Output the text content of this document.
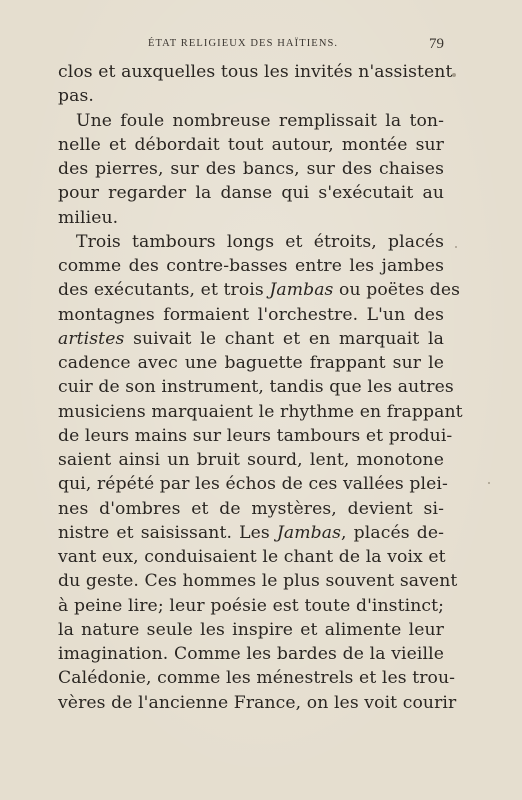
ÉTAT RELIGIEUX DES HAÏTIENS.	79
clos et auxquelles tous les invités n'assistent
pas.
Une foule nombreuse remplissait la ton-
nelle et débordait tout autour, montée sur
des pierres, sur des bancs, sur des chaises
pour regarder la danse qui s'exécutait au
milieu.
Trois tambours longs et étroits, placés
comme des contre-basses entre les jambes
des exécutants, et trois Jambas ou poëtes des
montagnes formaient l'orchestre. L'un des
artistes suivait le chant et en marquait la
cadence avec une baguette frappant sur le
cuir de son instrument, tandis que les autres
musiciens marquaient le rhythme en frappant
de leurs mains sur leurs tambours et produi-
saient ainsi un bruit sourd, lent, monotone
qui, répété par les échos de ces vallées plei-
nes d'ombres et de mystères, devient si-
nistre et saisissant. Les Jambas, placés de-
vant eux, conduisaient le chant de la voix et
du geste. Ces hommes le plus souvent savent
à peine lire; leur poésie est toute d'instinct;
la nature seule les inspire et alimente leur
imagination. Comme les bardes de la vieille
Calédonie, comme les ménestrels et les trou-
vères de l'ancienne France, on les voit courir
